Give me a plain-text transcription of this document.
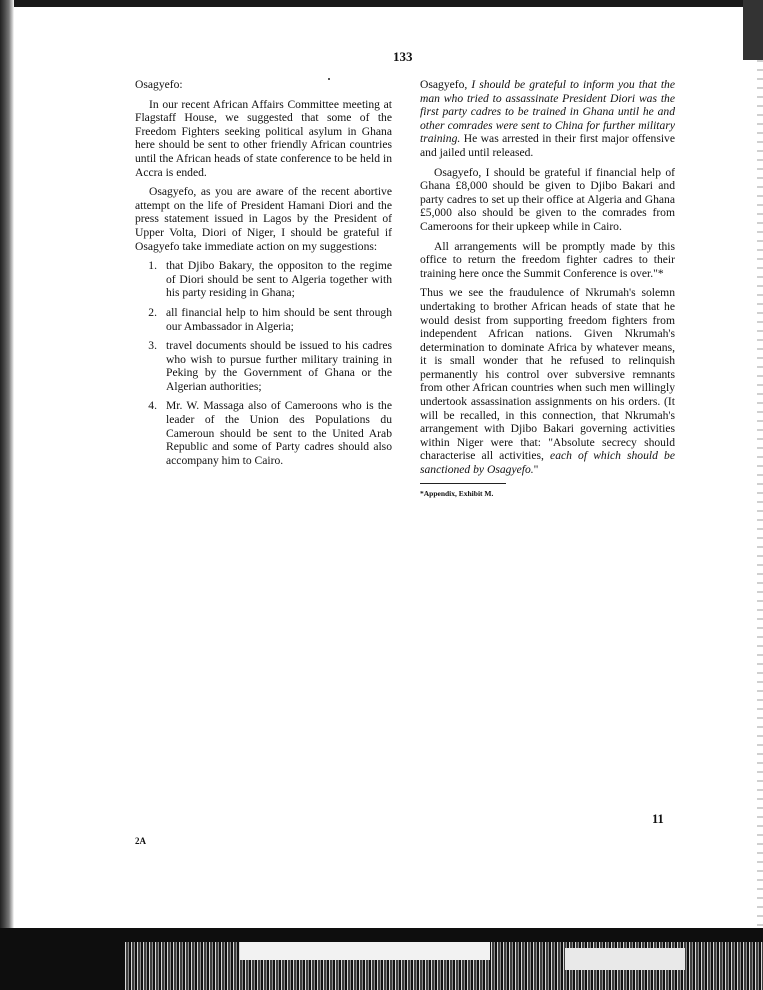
133

Osagyefo:

In our recent African Affairs Committee meeting at Flagstaff House, we suggested that some of the Freedom Fighters seeking political asylum in Ghana here should be sent to other friendly African countries until the African heads of state conference to be held in Accra is ended.

Osagyefo, as you are aware of the recent abortive attempt on the life of President Hamani Diori and the press statement issued in Lagos by the President of Upper Volta, Diori of Niger, I should be grateful if Osagyefo take immediate action on my suggestions:

1. that Djibo Bakary, the oppositon to the regime of Diori should be sent to Algeria together with his party residing in Ghana;
2. all financial help to him should be sent through our Ambassador in Algeria;
3. travel documents should be issued to his cadres who wish to pursue further military training in Peking by the Government of Ghana or the Algerian authorities;
4. Mr. W. Massaga also of Cameroons who is the leader of the Union des Populations du Cameroun should be sent to the United Arab Republic and some of Party cadres should also accompany him to Cairo.

Osagyefo, I should be grateful to inform you that the man who tried to assassinate President Diori was the first party cadres to be trained in Ghana until he and other comrades were sent to China for further military training. He was arrested in their first major offensive and jailed until released.

Osagyefo, I should be grateful if financial help of Ghana £8,000 should be given to Djibo Bakari and party cadres to set up their office at Algeria and Ghana £5,000 also should be given to the comrades from Cameroons for their upkeep while in Cairo.

All arrangements will be promptly made by this office to return the freedom fighter cadres to their training here once the Summit Conference is over."*

Thus we see the fraudulence of Nkrumah's solemn undertaking to brother African heads of state that he would desist from supporting freedom fighters from independent African nations. Given Nkrumah's determination to dominate Africa by whatever means, it is small wonder that he refused to relinquish permanently his control over subversive remnants from other African countries when such men willingly undertook assassination assignments on his orders. (It will be recalled, in this connection, that Nkrumah's arrangement with Djibo Bakari governing activities within Niger were that: "Absolute secrecy should characterise all activities, each of which should be sanctioned by Osagyefo."

*Appendix, Exhibit M.
11
2A
